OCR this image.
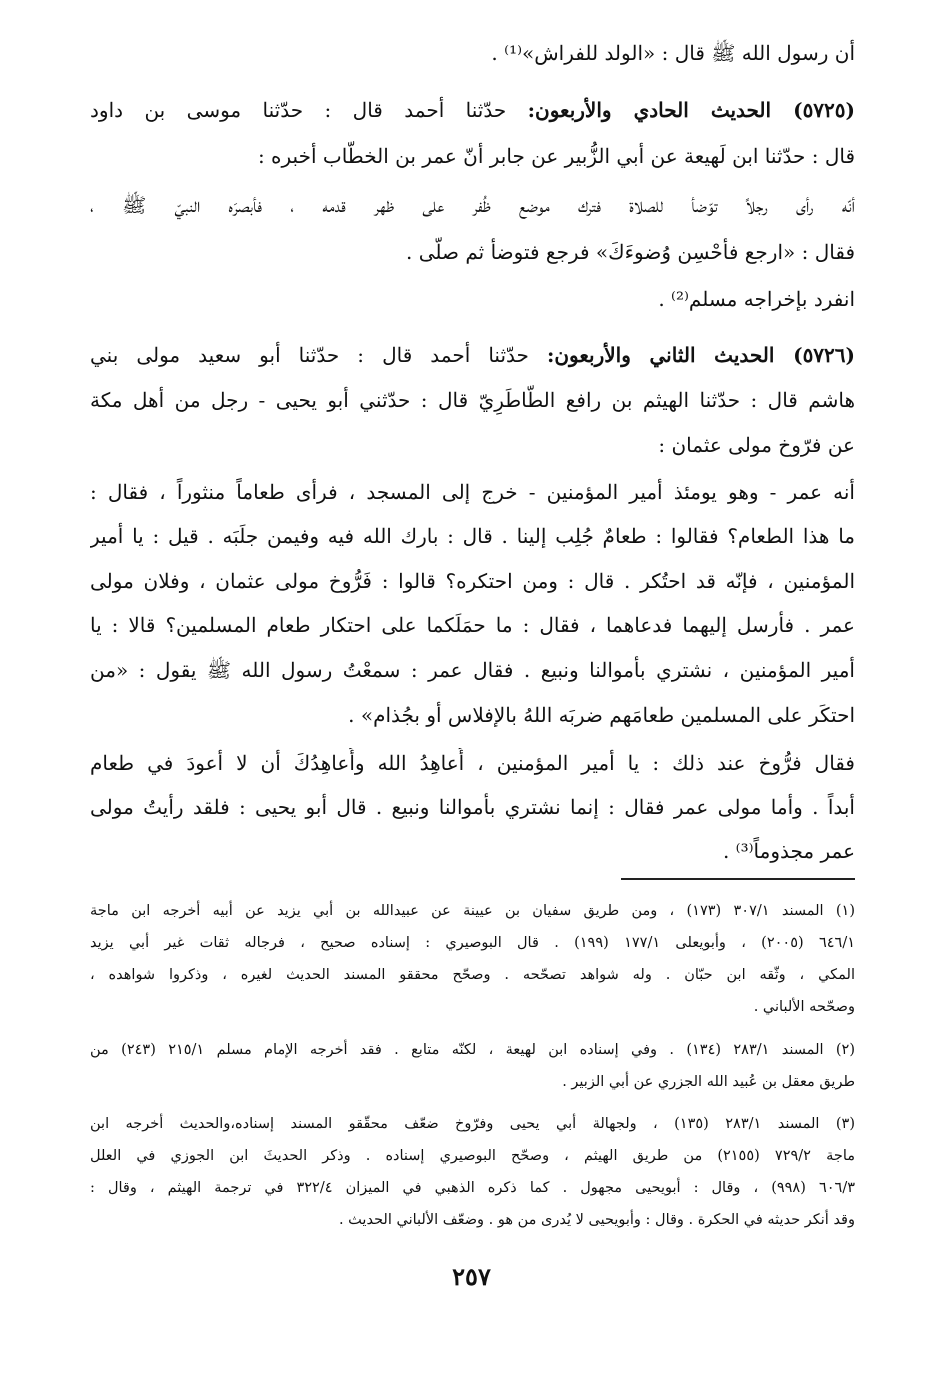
أن رسول الله ﷺ قال : «الولد للفراش»⁽¹⁾ .

(٥٧٢٥) الحديث الحادي والأربعون: حدّثنا أحمد قال : حدّثنا موسى بن داود

قال : حدّثنا ابن لَهيعة عن أبي الزُّبير عن جابر أنّ عمر بن الخطّاب أخبره :

أنّه رأى رجلاً توّضأ للصلاة فترك موضع ظُفر على ظهر قدمه ، فأبصرَه النبيّ ﷺ ،

فقال : «ارجع فأحْسِن وُضوءَكَ» فرجع فتوضأ ثم صلّى .

انفرد بإخراجه مسلم⁽²⁾ .

(٥٧٢٦) الحديث الثاني والأربعون: حدّثنا أحمد قال : حدّثنا أبو سعيد مولى بني

هاشم قال : حدّثنا الهيثم بن رافع الطّاطَرِيّ قال : حدّثني أبو يحيى - رجل من أهل مكة

عن فرّوخ مولى عثمان :

أنه عمر - وهو يومئذ أمير المؤمنين - خرج إلى المسجد ، فرأى طعاماً منثوراً ، فقال :

ما هذا الطعام؟ فقالوا : طعامٌ جُلِب إلينا . قال : بارك الله فيه وفيمن جلَبَه . قيل : يا أمير

المؤمنين ، فإنّه قد احتُكر . قال : ومن احتكره؟ قالوا : فَرُّوخ مولى عثمان ، وفلان مولى

عمر . فأرسل إليهما فدعاهما ، فقال : ما حمَلَكما على احتكار طعام المسلمين؟ قالا : يا

أمير المؤمنين ، نشتري بأموالنا ونبيع . فقال عمر : سمعْتُ رسول الله ﷺ يقول : «من

احتكَر على المسلمين طعامَهم ضربَه اللهُ بالإفلاس أو بجُذام» .

فقال فرُّوخ عند ذلك : يا أمير المؤمنين ، أُعاهِدُ الله وأُعاهِدُكَ أن لا أعودَ في طعام

أبداً . وأما مولى عمر فقال : إنما نشتري بأموالنا ونبيع . قال أبو يحيى : فلقد رأيتُ مولى

عمر مجذوماً⁽³⁾ .

(١) المسند ٣٠٧/١ (١٧٣) ، ومن طريق سفيان بن عيينة عن عبيدالله بن أبي يزيد عن أبيه أخرجه ابن ماجة

٦٤٦/١ (٢٠٠٥) ، وأبويعلى ١٧٧/١ (١٩٩) . قال البوصيري : إسناده صحيح ، فرجاله ثقات غير أبي يزيد

المكي ، وثّقه ابن حبّان . وله شواهد تصحّحه . وصحّح محققو المسند الحديث لغيره ، وذكروا شواهده ،

وصحّحه الألباني .

(٢) المسند ٢٨٣/١ (١٣٤) . وفي إسناده ابن لهيعة ، لكنّه متابع . فقد أخرجه الإمام مسلم ٢١٥/١ (٢٤٣) من

طريق معقل بن عُبيد الله الجزري عن أبي الزبير .

(٣) المسند ٢٨٣/١ (١٣٥) ، ولجهالة أبي يحيى وفرّوخ ضعّف محقّقو المسند إسناده،والحديث أخرجه ابن

ماجة ٧٢٩/٢ (٢١٥٥) من طريق الهيثم ، وصحّح البوصيري إسناده . وذكر الحديثَ ابن الجوزي في العلل

٦٠٦/٣ (٩٩٨) ، وقال : أبويحيى مجهول . كما ذكره الذهبي في الميزان ٣٢٢/٤ في ترجمة الهيثم ، وقال :

وقد أنكر حديثه في الحكرة . وقال : وأبويحيى لا يُدرى من هو . وضعّف الألباني الحديث .

٢٥٧
